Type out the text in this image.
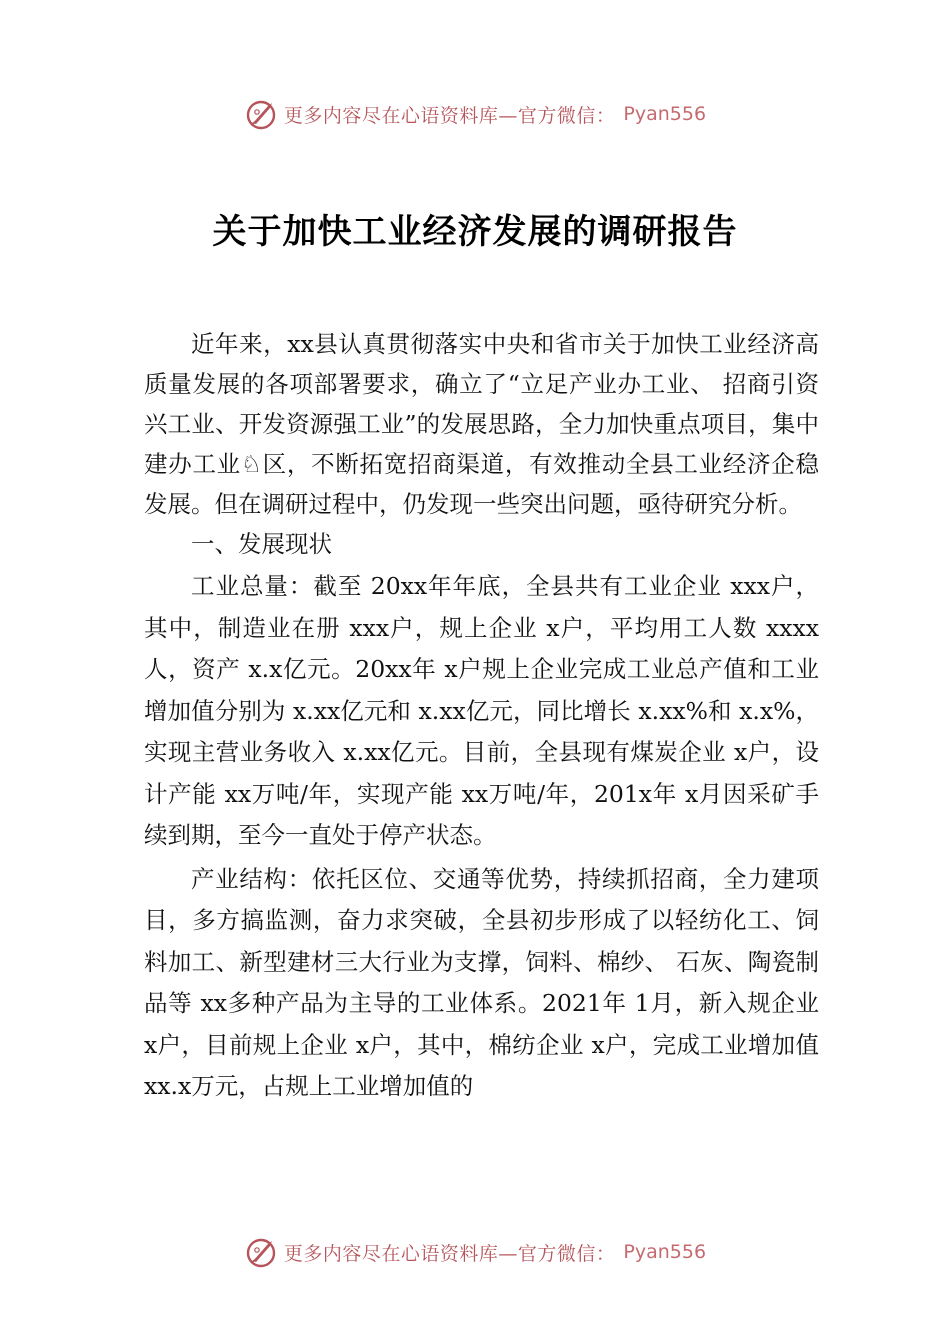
更多内容尽在心语资料库—官方微信： Pyan556
关于加快工业经济发展的调研报告

近年来，xx县认真贯彻落实中央和省市关于加快工业经济高质量发展的各项部署要求，确立了“立足产业办工业、 招商引资兴工业、开发资源强工业”的发展思路，全力加快重点项目，集中建办工业♘区，不断拓宽招商渠道，有效推动全县工业经济企稳发展。但在调研过程中，仍发现一些突出问题，亟待研究分析。

一、发展现状

工业总量：截至 20xx年年底，全县共有工业企业 xxx户，其中，制造业在册 xxx户，规上企业 x户，平均用工人数 xxxx人，资产 x.x亿元。20xx年 x户规上企业完成工业总产值和工业增加值分别为 x.xx亿元和 x.xx亿元，同比增长 x.xx%和 x.x%，实现主营业务收入 x.xx亿元。目前，全县现有煤炭企业 x户，设计产能 xx万吨/年，实现产能 xx万吨/年，201x年 x月因采矿手续到期，至今一直处于停产状态。

产业结构：依托区位、交通等优势，持续抓招商，全力建项目，多方搞监测，奋力求突破，全县初步形成了以轻纺化工、饲料加工、新型建材三大行业为支撑，饲料、棉纱、 石灰、陶瓷制品等 xx多种产品为主导的工业体系。2021年 1月，新入规企业 x户，目前规上企业 x户，其中，棉纺企业 x户，完成工业增加值 xx.x万元，占规上工业增加值的

更多内容尽在心语资料库—官方微信： Pyan556
